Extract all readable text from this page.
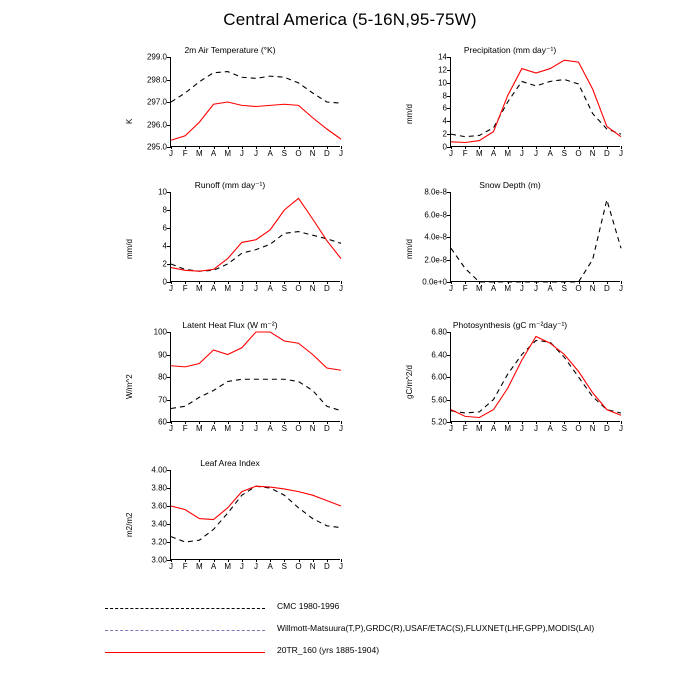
Central America (5-16N,95-75W)
2m Air Temperature (°K)
K
295.0
296.0
297.0
298.0
299.0
J F M A M J J A S O N D J
Precipitation (mm day⁻¹)
mm/d
0
2
4
6
8
10
12
14
J F M A M J J A S O N D J
Runoff (mm day⁻¹)
mm/d
0
2
4
6
8
10
J F M A M J J A S O N D J
Snow Depth (m)
mm/d
0.0e+0
2.0e-8
4.0e-8
6.0e-8
8.0e-8
J F M A M J J A S O N D J
Latent Heat Flux (W m⁻²)
W/m^2
60
70
80
90
100
J F M A M J J A S O N D J
Photosynthesis (gC m⁻²day⁻¹)
gC/m^2/d
5.20
5.60
6.00
6.40
6.80
J F M A M J J A S O N D J
Leaf Area Index
m2/m2
3.00
3.20
3.40
3.60
3.80
4.00
J F M A M J J A S O N D J
CMC 1980-1996
Willmott-Matsuura(T,P),GRDC(R),USAF/ETAC(S),FLUXNET(LHF,GPP),MODIS(LAI)
20TR_160 (yrs 1885-1904)
